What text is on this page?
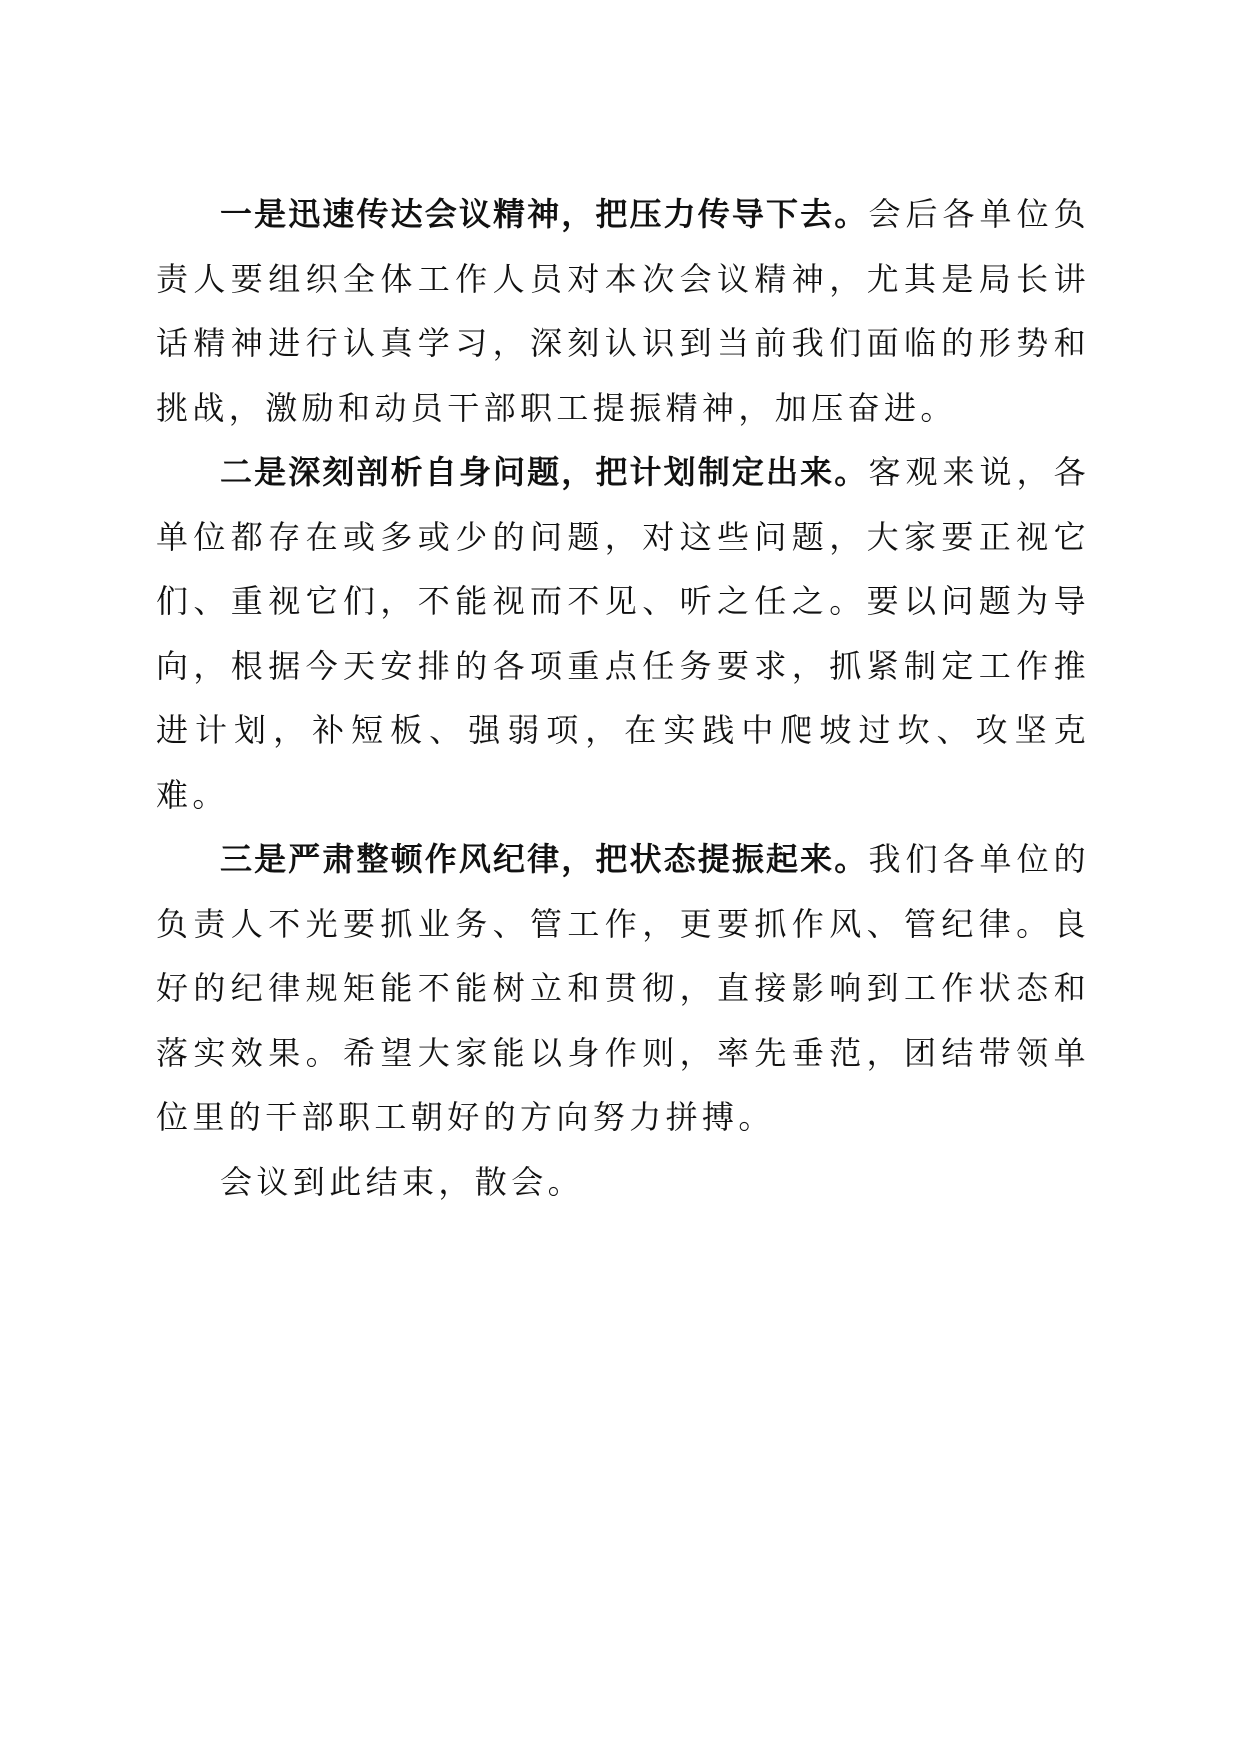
一是迅速传达会议精神，把压力传导下去。会后各单位负责人要组织全体工作人员对本次会议精神，尤其是局长讲话精神进行认真学习，深刻认识到当前我们面临的形势和挑战，激励和动员干部职工提振精神，加压奋进。

二是深刻剖析自身问题，把计划制定出来。客观来说，各单位都存在或多或少的问题，对这些问题，大家要正视它们、重视它们，不能视而不见、听之任之。要以问题为导向，根据今天安排的各项重点任务要求，抓紧制定工作推进计划，补短板、强弱项，在实践中爬坡过坎、攻坚克难。

三是严肃整顿作风纪律，把状态提振起来。我们各单位的负责人不光要抓业务、管工作，更要抓作风、管纪律。良好的纪律规矩能不能树立和贯彻，直接影响到工作状态和落实效果。希望大家能以身作则，率先垂范，团结带领单位里的干部职工朝好的方向努力拼搏。

会议到此结束，散会。
